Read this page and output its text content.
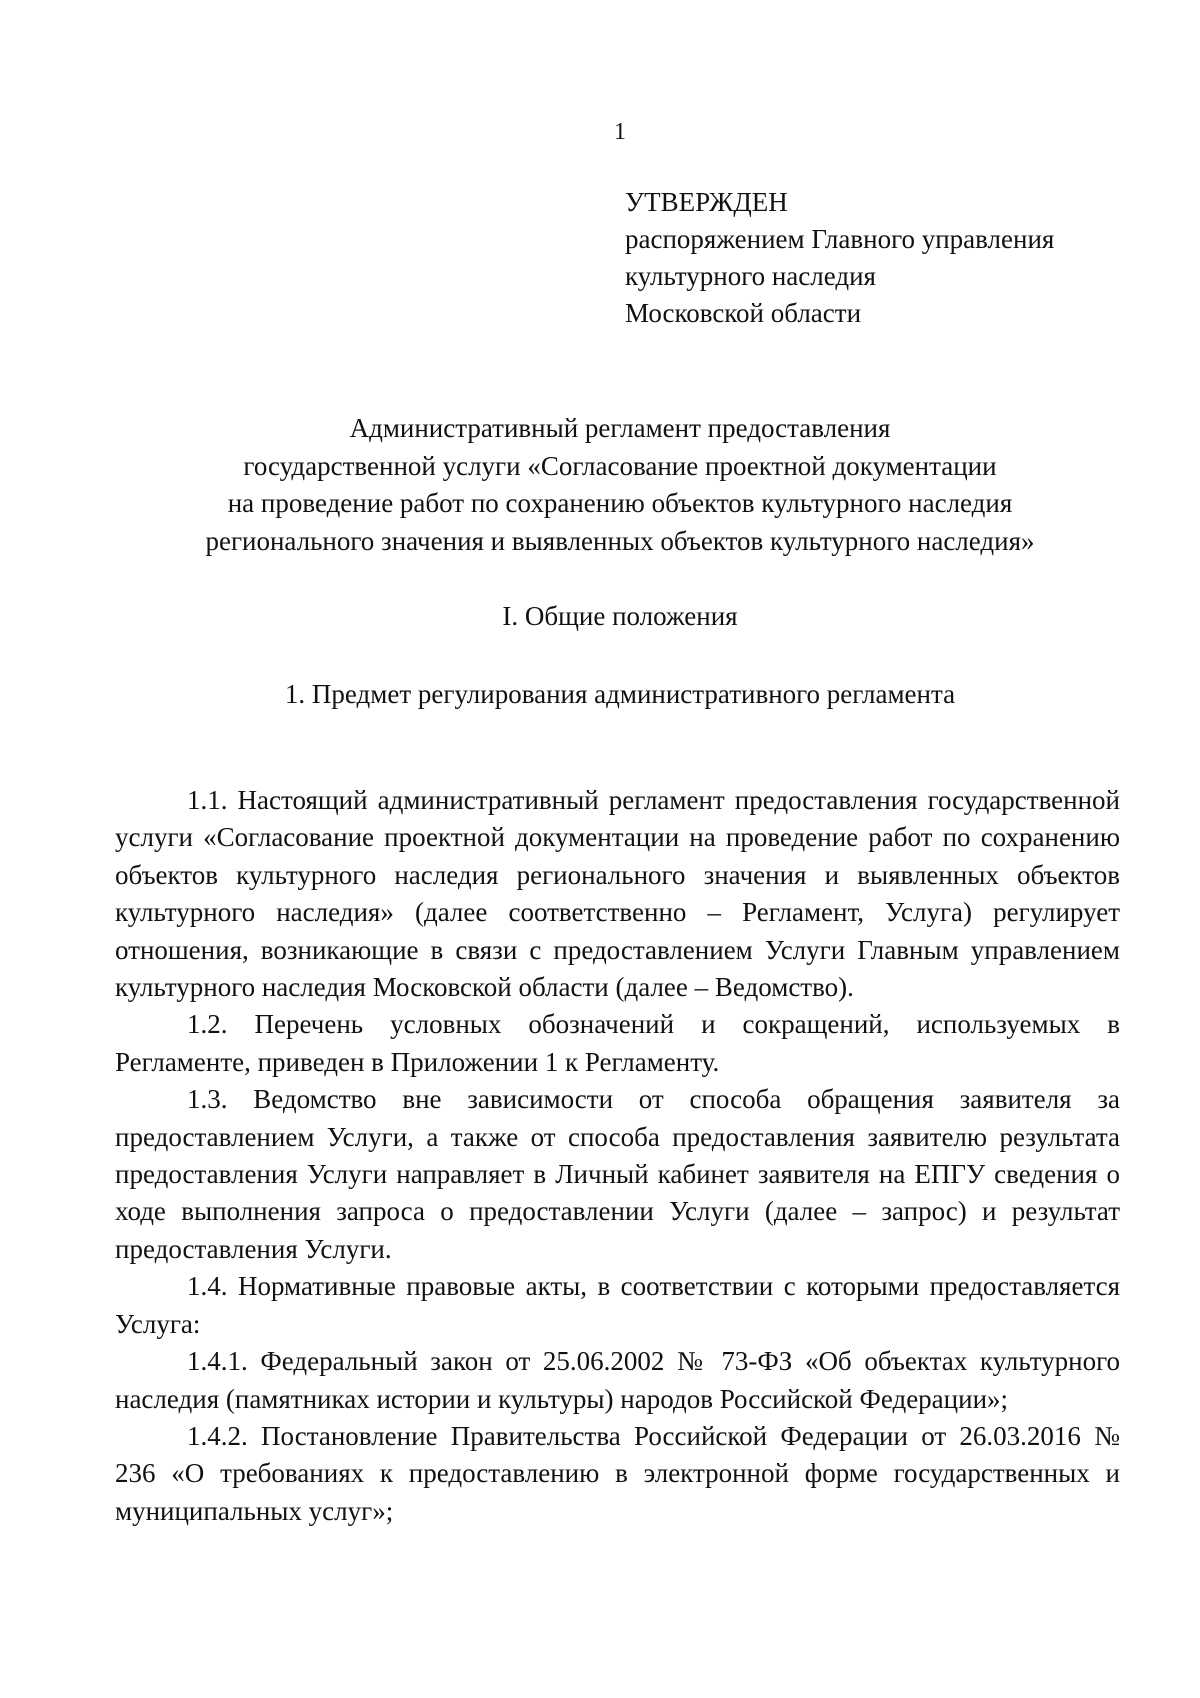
1
УТВЕРЖДЕН
распоряжением Главного управления
культурного наследия
Московской области
Административный регламент предоставления
государственной услуги «Согласование проектной документации
на проведение работ по сохранению объектов культурного наследия
регионального значения и выявленных объектов культурного наследия»
I. Общие положения
1. Предмет регулирования административного регламента

1.1. Настоящий административный регламент предоставления государственной услуги «Согласование проектной документации на проведение работ по сохранению объектов культурного наследия регионального значения и выявленных объектов культурного наследия» (далее соответственно – Регламент, Услуга) регулирует отношения, возникающие в связи с предоставлением Услуги Главным управлением культурного наследия Московской области (далее – Ведомство).

1.2. Перечень условных обозначений и сокращений, используемых в Регламенте, приведен в Приложении 1 к Регламенту.

1.3. Ведомство вне зависимости от способа обращения заявителя за предоставлением Услуги, а также от способа предоставления заявителю результата предоставления Услуги направляет в Личный кабинет заявителя на ЕПГУ сведения о ходе выполнения запроса о предоставлении Услуги (далее – запрос) и результат предоставления Услуги.

1.4. Нормативные правовые акты, в соответствии с которыми предоставляется Услуга:

1.4.1. Федеральный закон от 25.06.2002 № 73-ФЗ «Об объектах культурного наследия (памятниках истории и культуры) народов Российской Федерации»;

1.4.2. Постановление Правительства Российской Федерации от 26.03.2016 № 236 «О требованиях к предоставлению в электронной форме государственных и муниципальных услуг»;
